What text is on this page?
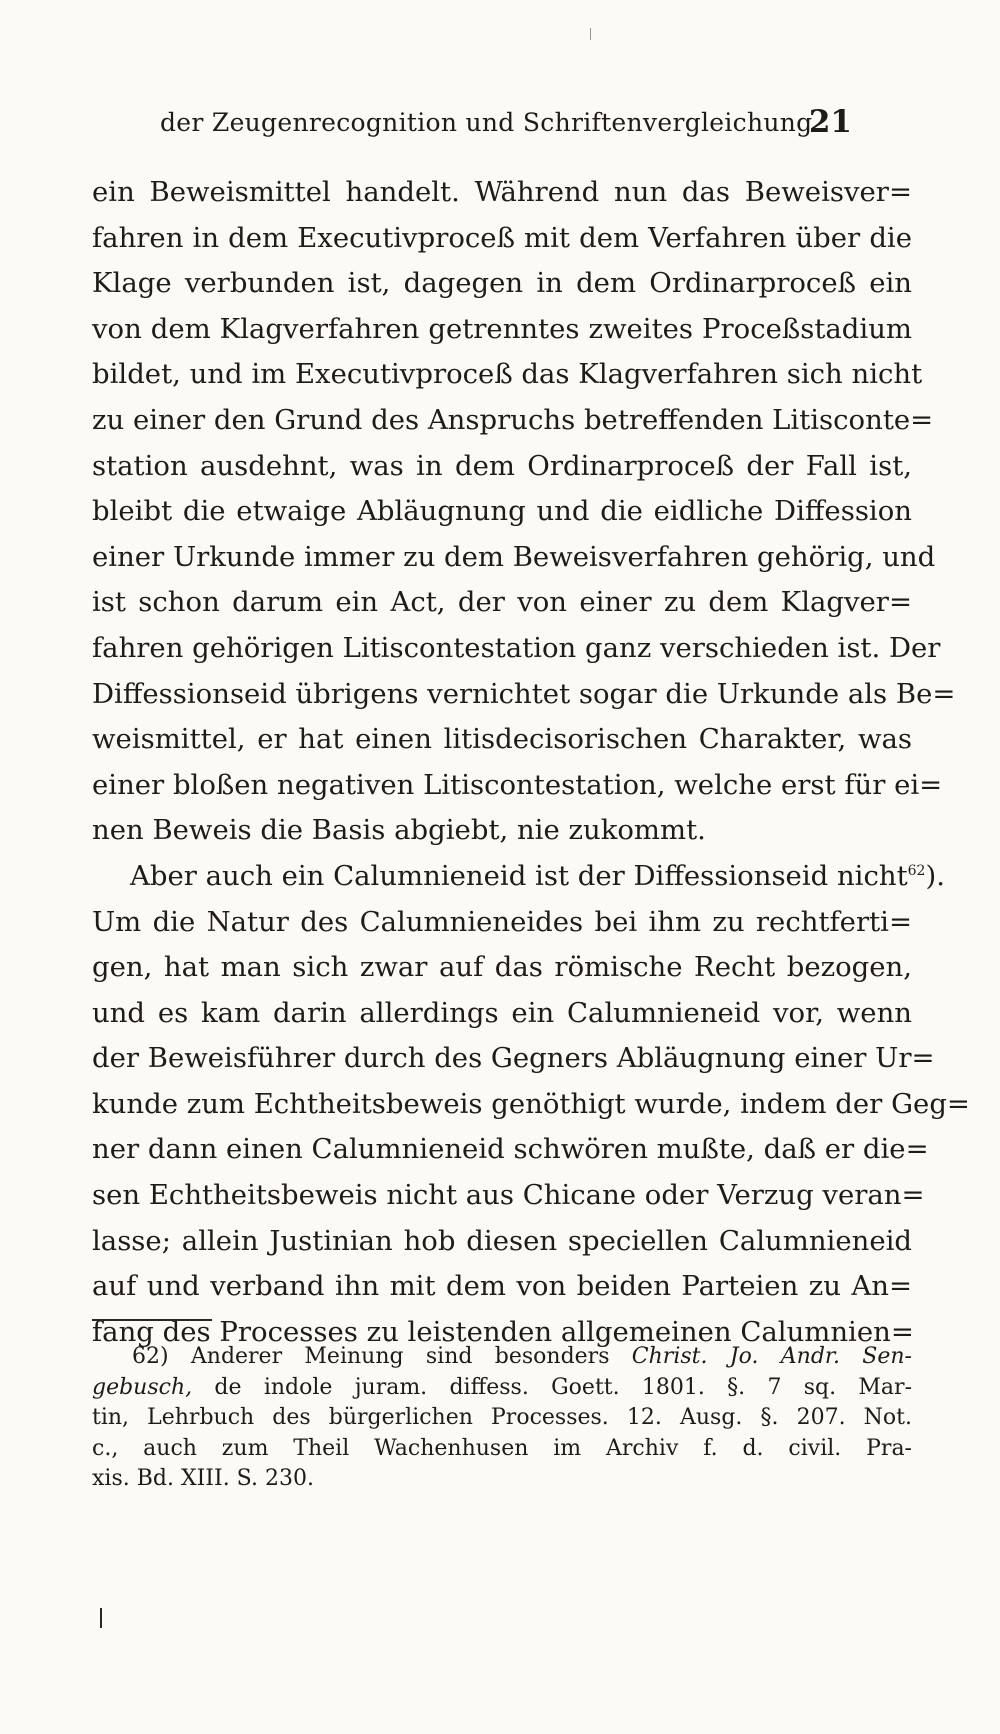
der Zeugenrecognition und Schriftenvergleichung.
21
ein Beweismittel handelt. Während nun das Beweisver=
fahren in dem Executivproceß mit dem Verfahren über die
Klage verbunden ist, dagegen in dem Ordinarproceß ein
von dem Klagverfahren getrenntes zweites Proceßstadium
bildet, und im Executivproceß das Klagverfahren sich nicht
zu einer den Grund des Anspruchs betreffenden Litisconte=
station ausdehnt, was in dem Ordinarproceß der Fall ist,
bleibt die etwaige Abläugnung und die eidliche Diffession
einer Urkunde immer zu dem Beweisverfahren gehörig, und
ist schon darum ein Act, der von einer zu dem Klagver=
fahren gehörigen Litiscontestation ganz verschieden ist. Der
Diffessionseid übrigens vernichtet sogar die Urkunde als Be=
weismittel, er hat einen litisdecisorischen Charakter, was
einer bloßen negativen Litiscontestation, welche erst für ei=
nen Beweis die Basis abgiebt, nie zukommt.
Aber auch ein Calumnieneid ist der Diffessionseid nicht$^{62}$).
Um die Natur des Calumnieneides bei ihm zu rechtferti=
gen, hat man sich zwar auf das römische Recht bezogen,
und es kam darin allerdings ein Calumnieneid vor, wenn
der Beweisführer durch des Gegners Abläugnung einer Ur=
kunde zum Echtheitsbeweis genöthigt wurde, indem der Geg=
ner dann einen Calumnieneid schwören mußte, daß er die=
sen Echtheitsbeweis nicht aus Chicane oder Verzug veran=
lasse; allein Justinian hob diesen speciellen Calumnieneid
auf und verband ihn mit dem von beiden Parteien zu An=
fang des Processes zu leistenden allgemeinen Calumnien=
62) Anderer Meinung sind besonders Christ. Jo. Andr. Sen-
gebusch, de indole juram. diffess. Goett. 1801. §. 7 sq. Mar-
tin, Lehrbuch des bürgerlichen Processes. 12. Ausg. §. 207. Not.
c., auch zum Theil Wachenhusen im Archiv f. d. civil. Pra-
xis. Bd. XIII. S. 230.
